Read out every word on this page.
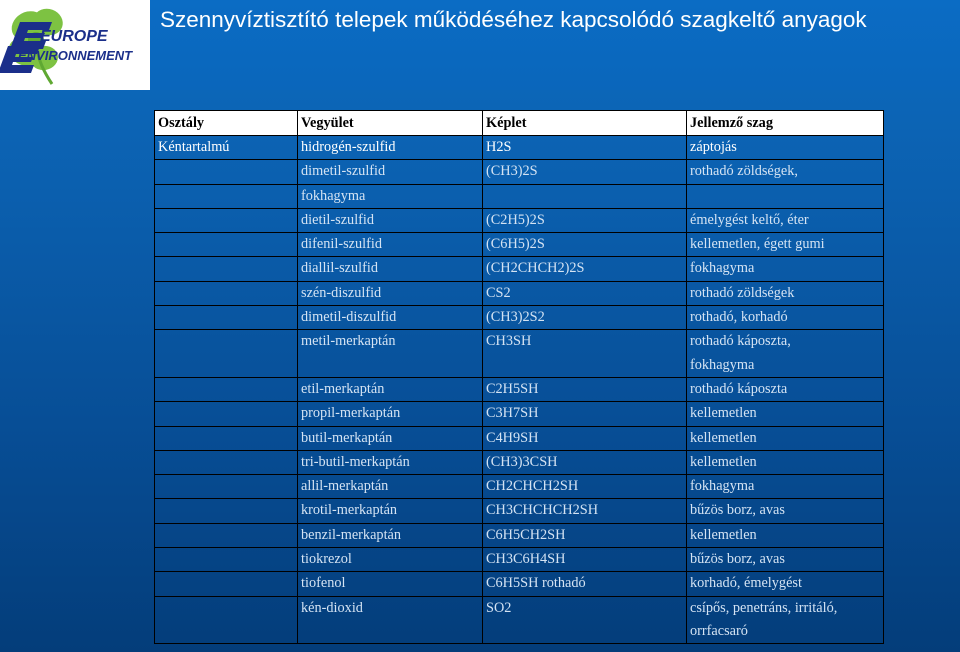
EUROPE
ENVIRONNEMENT
Szennyvíztisztító telepek működéséhez kapcsolódó szagkeltő anyagok
Osztály	Vegyület	Képlet	Jellemző szag
Kéntartalmú	hidrogén-szulfid	H2S	záptojás
	dimetil-szulfid	(CH3)2S	rothadó zöldségek,
	fokhagyma		
	dietil-szulfid	(C2H5)2S	émelygést keltő, éter
	difenil-szulfid	(C6H5)2S	kellemetlen, égett gumi
	diallil-szulfid	(CH2CHCH2)2S	fokhagyma
	szén-diszulfid	CS2	rothadó zöldségek
	dimetil-diszulfid	(CH3)2S2	rothadó, korhadó
	metil-merkaptán	CH3SH	rothadó káposzta,
fokhagyma

	etil-merkaptán	C2H5SH	rothadó káposzta
	propil-merkaptán	C3H7SH	kellemetlen
	butil-merkaptán	C4H9SH	kellemetlen
	tri-butil-merkaptán	(CH3)3CSH	kellemetlen
	allil-merkaptán	CH2CHCH2SH	fokhagyma
	krotil-merkaptán	CH3CHCHCH2SH	bűzös borz, avas
	benzil-merkaptán	C6H5CH2SH	kellemetlen
	tiokrezol	CH3C6H4SH	bűzös borz, avas
	tiofenol	C6H5SH rothadó	korhadó, émelygést
	kén-dioxid	SO2	csípős, penetráns, irritáló,
orrfacsaró
